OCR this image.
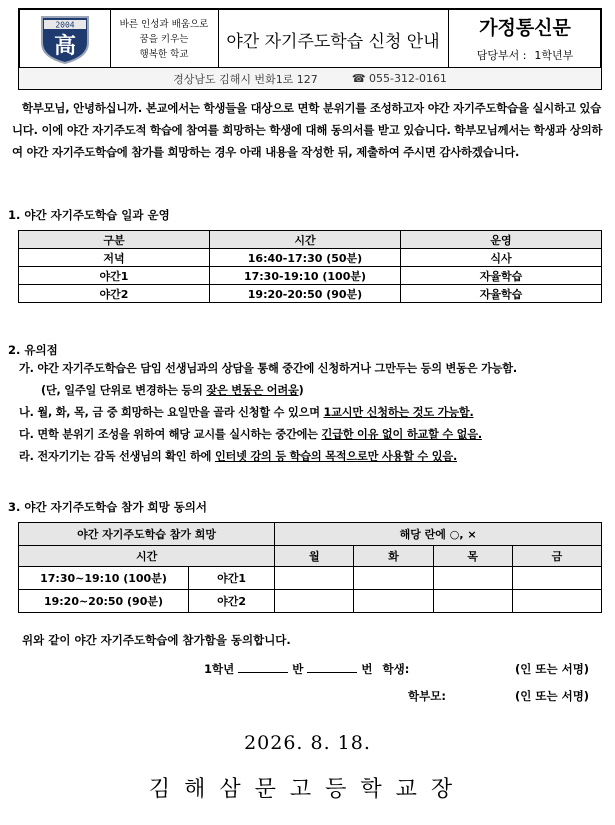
2004
高
바른 인성과 배움으로
꿈을 키우는
행복한 학교
야간 자기주도학습 신청 안내
가정통신문
담당부서 : 1학년부
경상남도 김해시 번화1로 127	☎ 055-312-0161

학부모님, 안녕하십니까. 본교에서는 학생들을 대상으로 면학 분위기를 조성하고자 야간 자기주도학습을 실시하고 있습니다. 이에 야간 자기주도적 학습에 참여를 희망하는 학생에 대해 동의서를 받고 있습니다. 학부모님께서는 학생과 상의하여 야간 자기주도학습에 참가를 희망하는 경우 아래 내용을 작성한 뒤, 제출하여 주시면 감사하겠습니다.

1. 야간 자기주도학습 일과 운영
구분	시간	운영
저녁	16:40-17:30 (50분)	식사
야간1	17:30-19:10 (100분)	자율학습
야간2	19:20-20:50 (90분)	자율학습
2. 유의점
가. 야간 자기주도학습은 담임 선생님과의 상담을 통해 중간에 신청하거나 그만두는 등의 변동은 가능함.
(단, 일주일 단위로 변경하는 등의 잦은 변동은 어려움)
나. 월, 화, 목, 금 중 희망하는 요일만을 골라 신청할 수 있으며 1교시만 신청하는 것도 가능함.
다. 면학 분위기 조성을 위하여 해당 교시를 실시하는 중간에는 긴급한 이유 없이 하교할 수 없음.
라. 전자기기는 감독 선생님의 확인 하에 인터넷 강의 등 학습의 목적으로만 사용할 수 있음.
3. 야간 자기주도학습 참가 희망 동의서
야간 자기주도학습 참가 희망		해당 란에 ○, ×			
시간		월	화	목	금
17:30~19:10 (100분)	야간1				
19:20~20:50 (90분)	야간2				
위와 같이 야간 자기주도학습에 참가함을 동의합니다.
1학년	반	번 학생:	(인 또는 서명)
학부모:	(인 또는 서명)
2026. 8. 18.
김해삼문고등학교장
